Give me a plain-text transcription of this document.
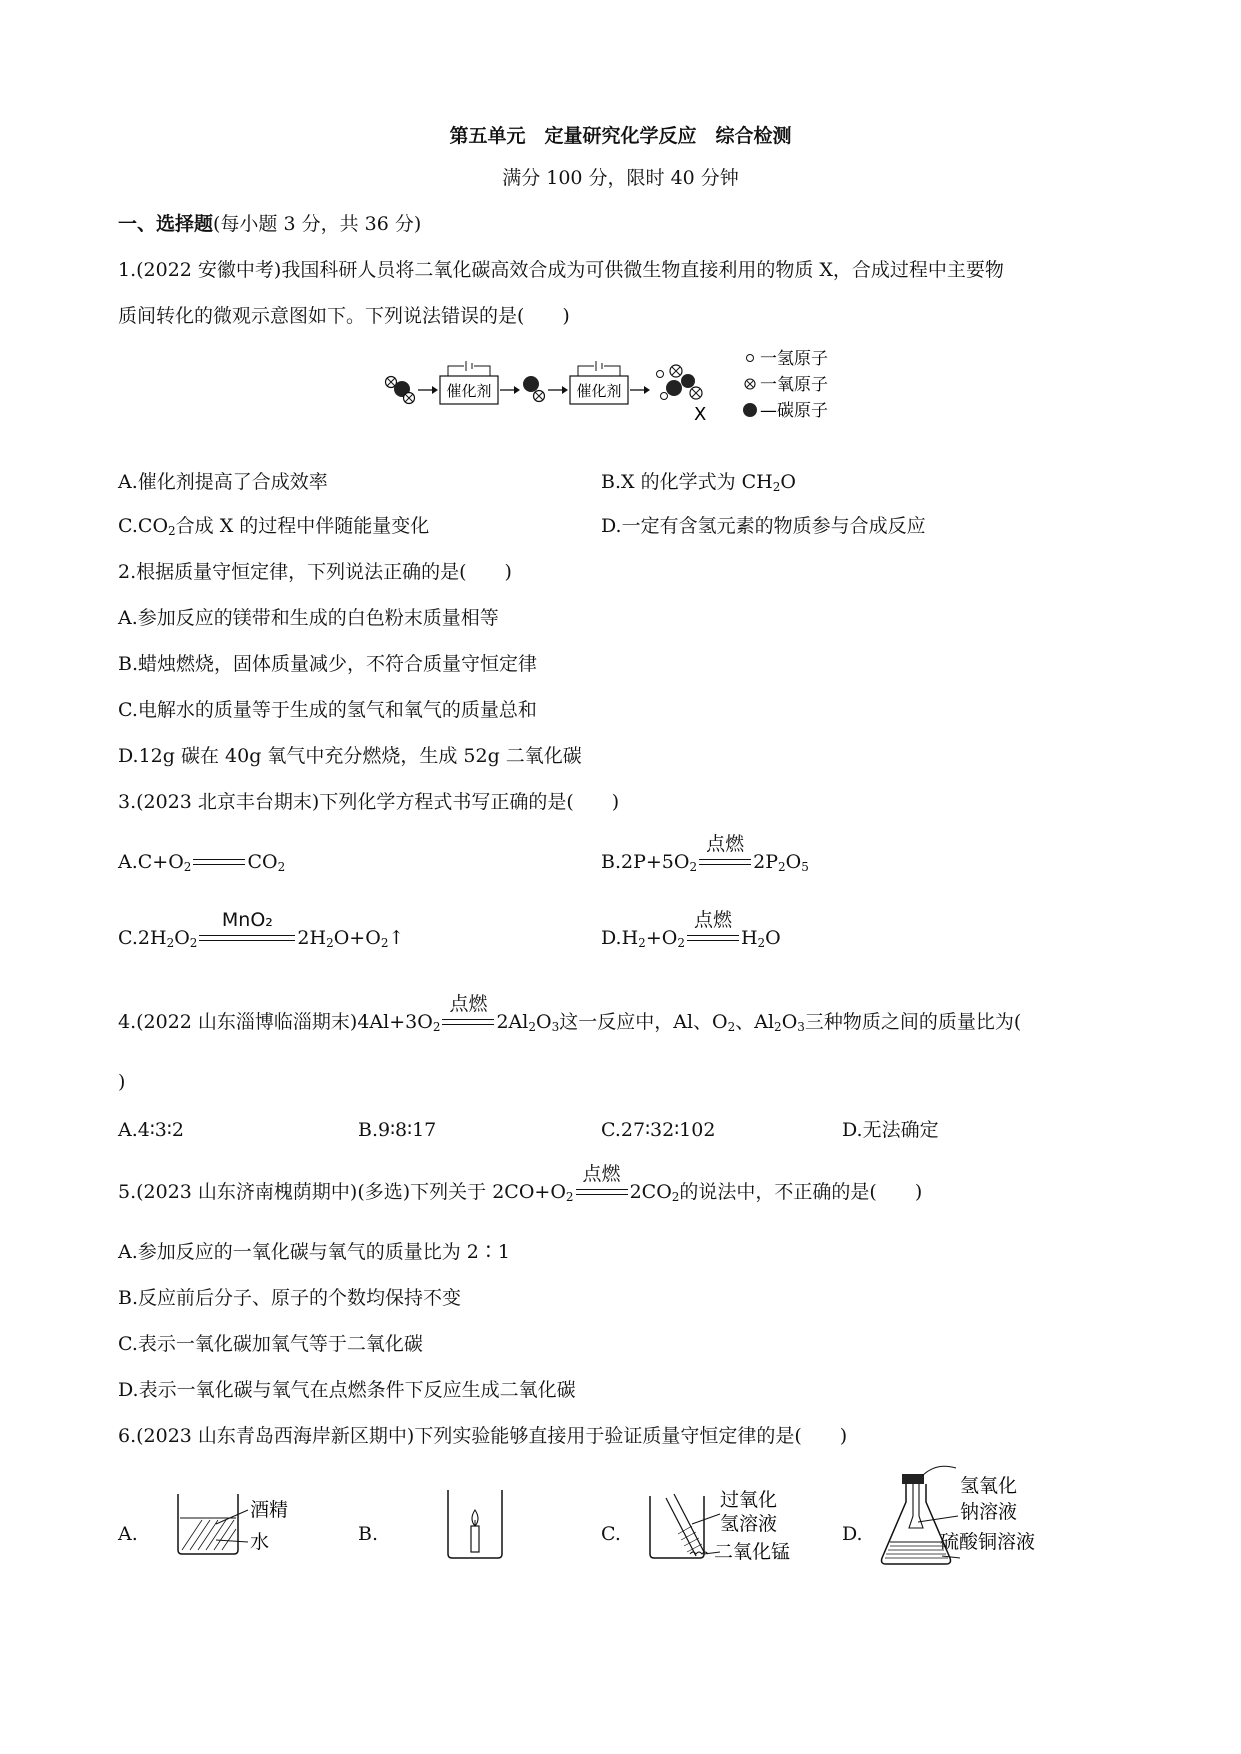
第五单元　定量研究化学反应　综合检测
满分 100 分，限时 40 分钟
一、选择题(每小题 3 分，共 36 分)
1.(2022 安徽中考)我国科研人员将二氧化碳高效合成为可供微生物直接利用的物质 X，合成过程中主要物
质间转化的微观示意图如下。下列说法错误的是(　　)
催化剂	催化剂
X
一氢原子
一氧原子
—碳原子
A.催化剂提高了合成效率	B.X 的化学式为 $CH_2O$
$C.CO_2$合成 X 的过程中伴随能量变化	D.一定有含氢元素的物质参与合成反应
2.根据质量守恒定律，下列说法正确的是(　　)
A.参加反应的镁带和生成的白色粉末质量相等
B.蜡烛燃烧，固体质量减少，不符合质量守恒定律
C.电解水的质量等于生成的氢气和氧气的质量总和
D.12g 碳在 40g 氧气中充分燃烧，生成 52g 二氧化碳
3.(2023 北京丰台期末)下列化学方程式书写正确的是(　　)
$A.C+O_2$	$CO_2$	$B.2P+5O_2$
点燃
$2P_2O_5$
$C.2H_2O_2$
MnO₂
$2H_2O+O_2↑$	$D.H_2+O_2$
点燃
$H_2O$
4.(2022 山东淄博临淄期末)$4Al+3O_2$
点燃
$2Al_2O_3$这一反应中，Al、$O_2$、$Al_2O_3$三种物质之间的质量比为(
)
A.4∶3∶2	B.9∶8∶17	C.27∶32∶102	D.无法确定
5.(2023 山东济南槐荫期中)(多选)下列关于 $2CO+O_2$
点燃
$2CO_2$的说法中，不正确的是(　　)
A.参加反应的一氧化碳与氧气的质量比为 2∶1
B.反应前后分子、原子的个数均保持不变
C.表示一氧化碳加氧气等于二氧化碳
D.表示一氧化碳与氧气在点燃条件下反应生成二氧化碳
6.(2023 山东青岛西海岸新区期中)下列实验能够直接用于验证质量守恒定律的是(　　)
A.
酒精
水	B.	C.
过氧化
氢溶液
二氧化锰
D.
氢氧化
钠溶液
硫酸铜溶液
